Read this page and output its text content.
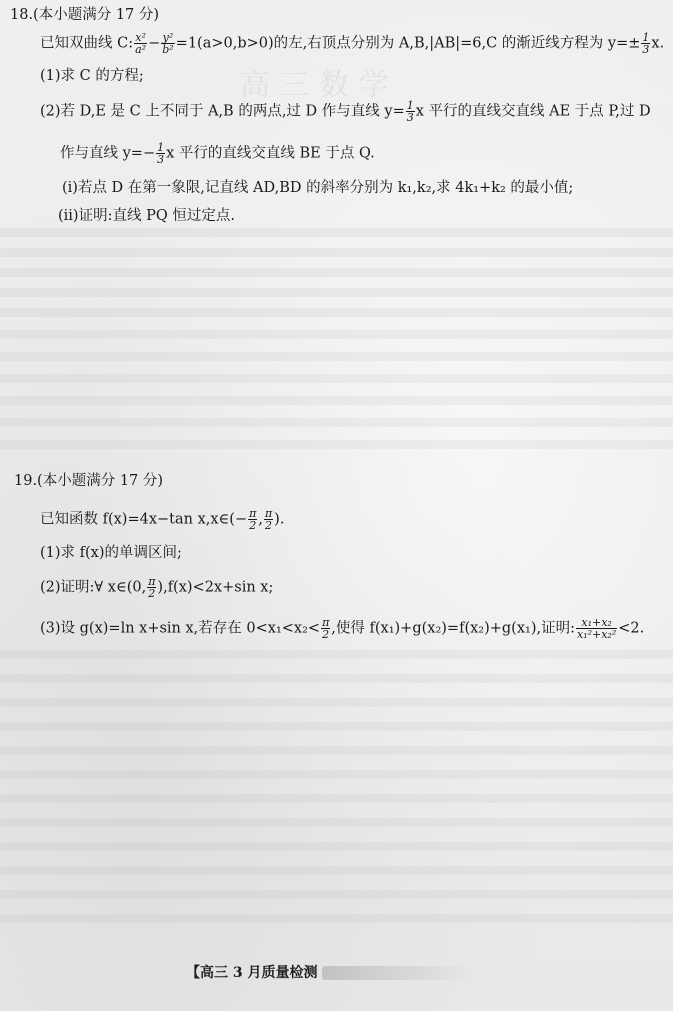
高 三 数 学
18.(本小题满分 17 分)
已知双曲线 C: $\frac{\text{x²}}{\text{a²}} - \frac{\text{y²}}{\text{b²}} =1(a>0,b>0)$的左,右顶点分别为 A,B,|AB|=6,C 的渐近线方程为 $y=\pm \frac{1}{3} x$.
(1)求 C 的方程;
(2)若 D,E 是 C 上不同于 A,B 的两点,过 D 作与直线 $y= \frac{1}{3}$ x 平行的直线交直线 AE 于点 P,过 D
作与直线 $y=- \frac{1}{3}$ x 平行的直线交直线 BE 于点 Q.
(ⅰ)若点 D 在第一象限,记直线 AD,BD 的斜率分别为 k₁,k₂,求 4k₁+k₂ 的最小值;
(ⅱ)证明:直线 PQ 恒过定点.
19.(本小题满分 17 分)
已知函数 f(x)=4x−tan x,x∈(− $\frac{\pi}{2}$ , $\frac{\pi}{2}$ ).
(1)求 f(x)的单调区间;
(2)证明:∀ x∈(0, $\frac{\pi}{2} ),f(x)<2x+\sin$ x;
(3)设 g(x)=ln x+sin x,若存在 $0<x_1<x_2< \frac{\pi}{2}$ ,使得 f(x₁)+g(x₂)=f(x₂)+g(x₁),证明: $\frac{\text{x₁+x₂}}{\text{x₁²+x₂²}} <2$.
【高三 3 月质量检测
